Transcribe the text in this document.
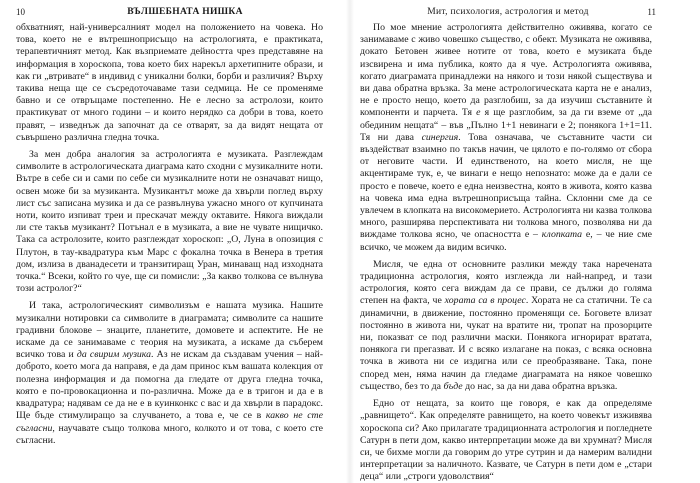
10	ВЪЛШЕБНАТА НИШКА

обхватният, най-универсалният модел на положението на човека. Но това, което не е вътрешноприсъщо на астрологията, е практиката, терапевтичният метод. Как възприемате дейността чрез представяне на информация в хороскопа, това което бих нарекъл архетипните образи, и как ги „втривате“ в индивид с уникални болки, борби и различия? Върху такива неща ще се съсредоточаваме тази седмица. Не се променяме бавно и се отвръщаме постепенно. Не е лесно за астролози, които практикуват от много години – и които нерядко са добри в това, което правят, – изведнъж да започнат да се отварят, за да видят нещата от съвършено различна гледна точка.

За мен добра аналогия за астрологията е музиката. Разглеждам символите в астрологическата диаграма като сходни с музикалните ноти. Вътре в себе си и сами по себе си музикалните ноти не означават нищо, освен може би за музиканта. Музикантът може да хвърли поглед върху лист със записана музика и да се развълнува ужасно много от купчината ноти, които изпиват треи и прескачат между октавите. Някога виждали ли сте такъв музикант? Потънал е в музиката, а вие не чувате нищичко. Така са астролозите, които разглеждат хороскоп: „О, Луна в опозиция с Плутон, в тау-квадратура към Марс с фокална точка в Венера в третия дом, излиза в дванадесети и транзитиращ Уран, минаващ над изходната точка.“ Всеки, който го чуе, ще си помисли: „За какво толкова се вълнува този астролог?“

И така, астрологическият символизъм е нашата музика. Нашите музикални нотировки са символите в диаграмата; символите са нашите градивни блокове – знаците, планетите, домовете и аспектите. Не не искаме да се занимаваме с теория на музиката, а искаме да съберем всичко това и да свирим музика. Аз не искам да създавам учения – най-доброто, което мога да направя, е да дам принос към вашата колекция от полезна информация и да помогна да гледате от друга гледна точка, която е по-провокационна и по-различна. Може да е в тригон и да е в квадратура; надявам се да не е в куинконкс с вас и да хвърли в парадокс. Ще бъде стимулиращо за случването, а това е, че се в какво не сте съгласни, научавате също толкова много, колкото и от това, с което сте съгласни.

Мит, психология, астрология и метод	11

По мое мнение астрологията действително оживява, когато се занимаваме с живо човешко същество, с обект. Музиката не оживява, докато Бетовен живее нотите от това, което е музиката бъде изсвирена и има публика, която да я чуе. Астрологията оживява, когато диаграмата принадлежи на някого и този някой съществува и ви дава обратна връзка. За мене астрологическата карта не е анализ, не е просто нещо, което да разглобиш, за да изучиш съставните ѝ компоненти и парчета. Тя е я ще разглобим, за да ги вземе от „да обединим нещата“ – във „Пълно 1+1 невинаги е 2; понякога 1+1=11. Тя ни дава синергия. Това означава, че съставните части си въздействат взаимно по такъв начин, че цялото е по-голямо от сбора от неговите части. И единственото, на което мисля, не ще акцентираме тук, е, че винаги е нещо непознато: може да е дали се просто е повече, което е една неизвестна, която в живота, която казва на човека има една вътрешноприсъща тайна. Склонни сме да се увлечем в клопката на високомерието. Астрологията ни казва толкова много, разширява перспективата ни толкова много, позволява ни да виждаме толкова ясно, че опасността е – клопката е, – че ние сме всичко, че можем да видим всичко.

Мисля, че една от основните разлики между така наречената традиционна астрология, която изглежда ли най-напред, и тази астрология, която сега виждам да се прави, се дължи до голяма степен на факта, че хората са в процес. Хората не са статични. Те са динамични, в движение, постоянно променящи се. Боговете влизат постоянно в живота ни, чукат на вратите ни, тропат на прозорците ни, показват се под различни маски. Понякога игнорират вратата, понякога ги прегазват. И с всяко излагане на показ, с всяка основна точка в живота ни се издигна или се преобразяване. Така, поне според мен, няма начин да гледаме диаграмата на някое човешко същество, без то да бъде до нас, за да ни дава обратна връзка.

Едно от нещата, за които ще говоря, е как да определяме „равнището“. Как определяте равнището, на което човекът изживява хороскопа си? Ако прилагате традиционната астрология и погледнете Сатурн в пети дом, какво интерпретации може да ви хрумнат? Мисля си, че бихме могли да говорим до утре сутрин и да намерим валидни интерпретации за наличното. Казвате, че Сатурн в пети дом е „стари деца“ или „строги удоволствия“
